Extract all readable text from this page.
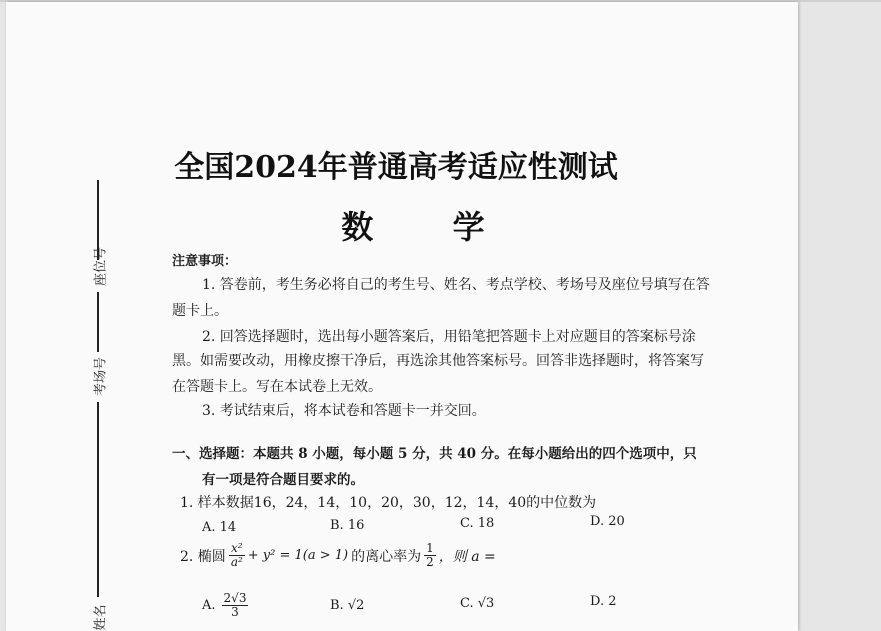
座位号
考场号
姓名
全国2024年普通高考适应性测试
数 学
注意事项：
1. 答卷前，考生务必将自己的考生号、姓名、考点学校、考场号及座位号填写在答
题卡上。
2. 回答选择题时，选出每小题答案后，用铅笔把答题卡上对应题目的答案标号涂
黑。如需要改动，用橡皮擦干净后，再选涂其他答案标号。回答非选择题时，将答案写
在答题卡上。写在本试卷上无效。
3. 考试结束后，将本试卷和答题卡一并交回。
一、选择题：本题共 8 小题，每小题 5 分，共 40 分。在每小题给出的四个选项中，只
有一项是符合题目要求的。
1. 样本数据16，24，14，10，20，30，12，14，40的中位数为
A. 14	B. 16	C. 18	D. 20
2. 椭圆 $\frac{\text{x²}}{\text{a²}} + y^2 = 1(a > 1)$ 的离心率为 $\frac{1}{2}$ ，则 a =
A. $\frac{2√3}{3}$	B. √2	C. √3	D. 2
